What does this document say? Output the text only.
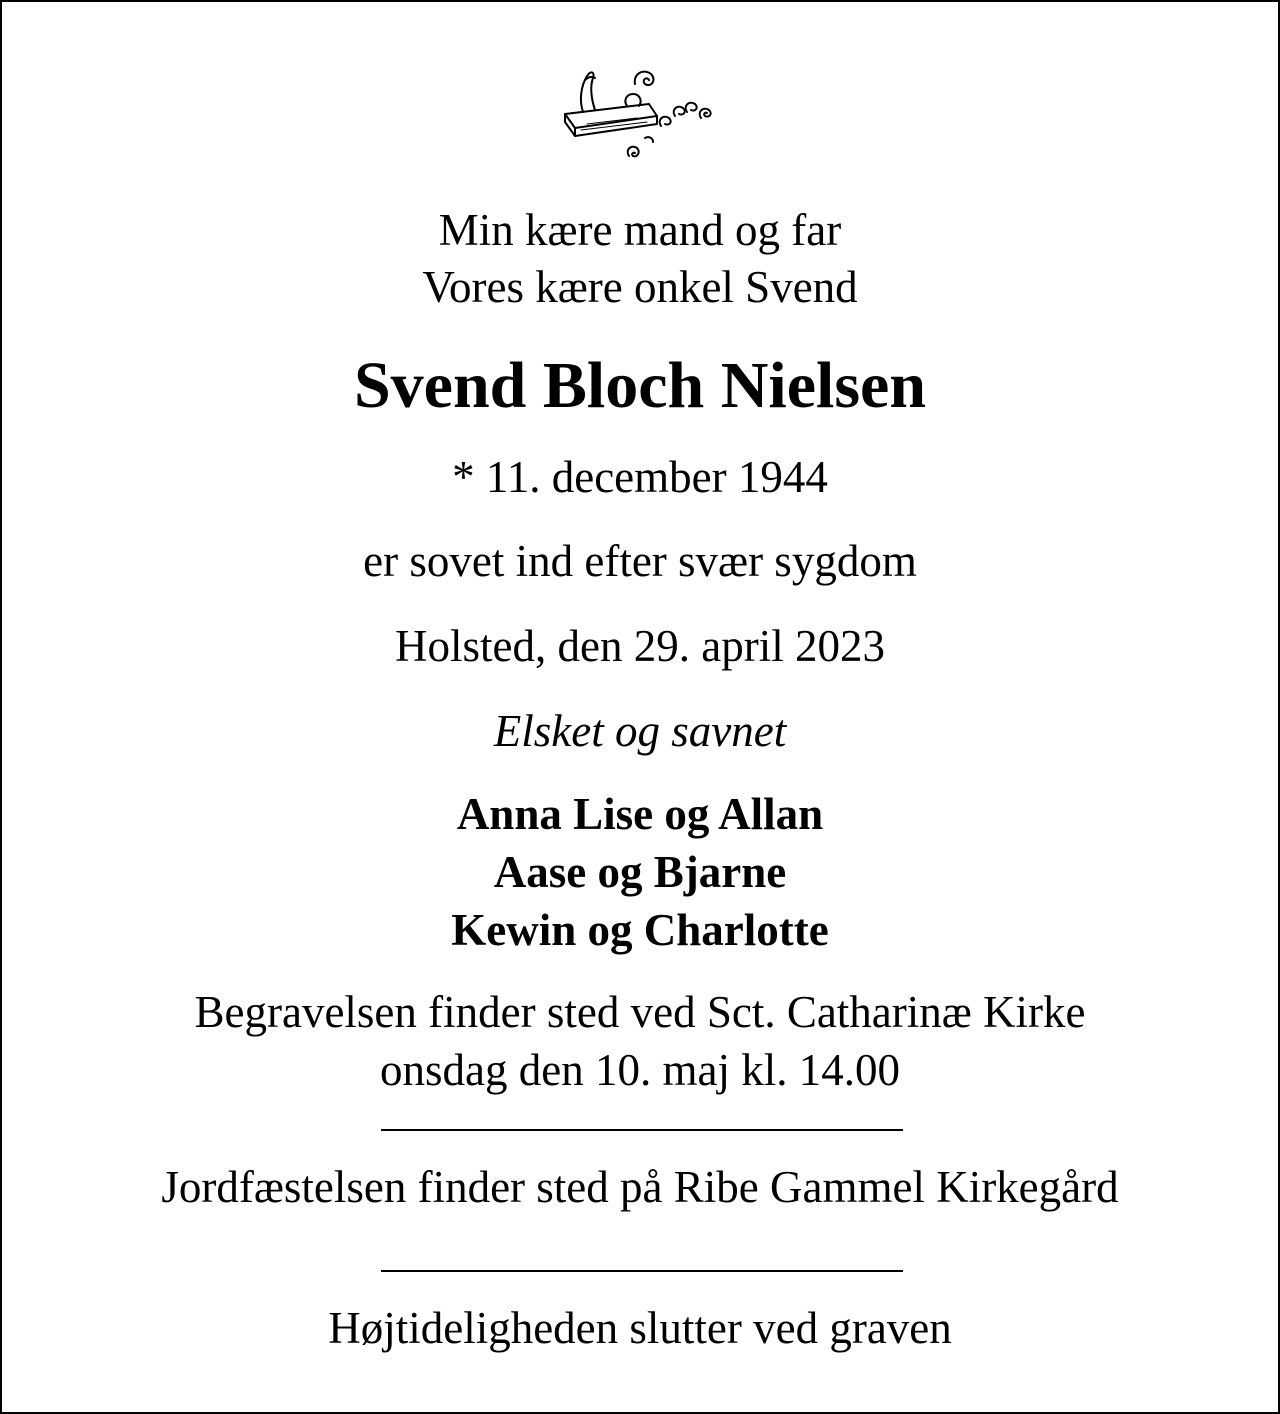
Min kære mand og far
Vores kære onkel Svend
Svend Bloch Nielsen
* 11. december 1944
er sovet ind efter svær sygdom
Holsted, den 29. april 2023
Elsket og savnet
Anna Lise og Allan
Aase og Bjarne
Kewin og Charlotte
Begravelsen finder sted ved Sct. Catharinæ Kirke
onsdag den 10. maj kl. 14.00
Jordfæstelsen finder sted på Ribe Gammel Kirkegård
Højtideligheden slutter ved graven
